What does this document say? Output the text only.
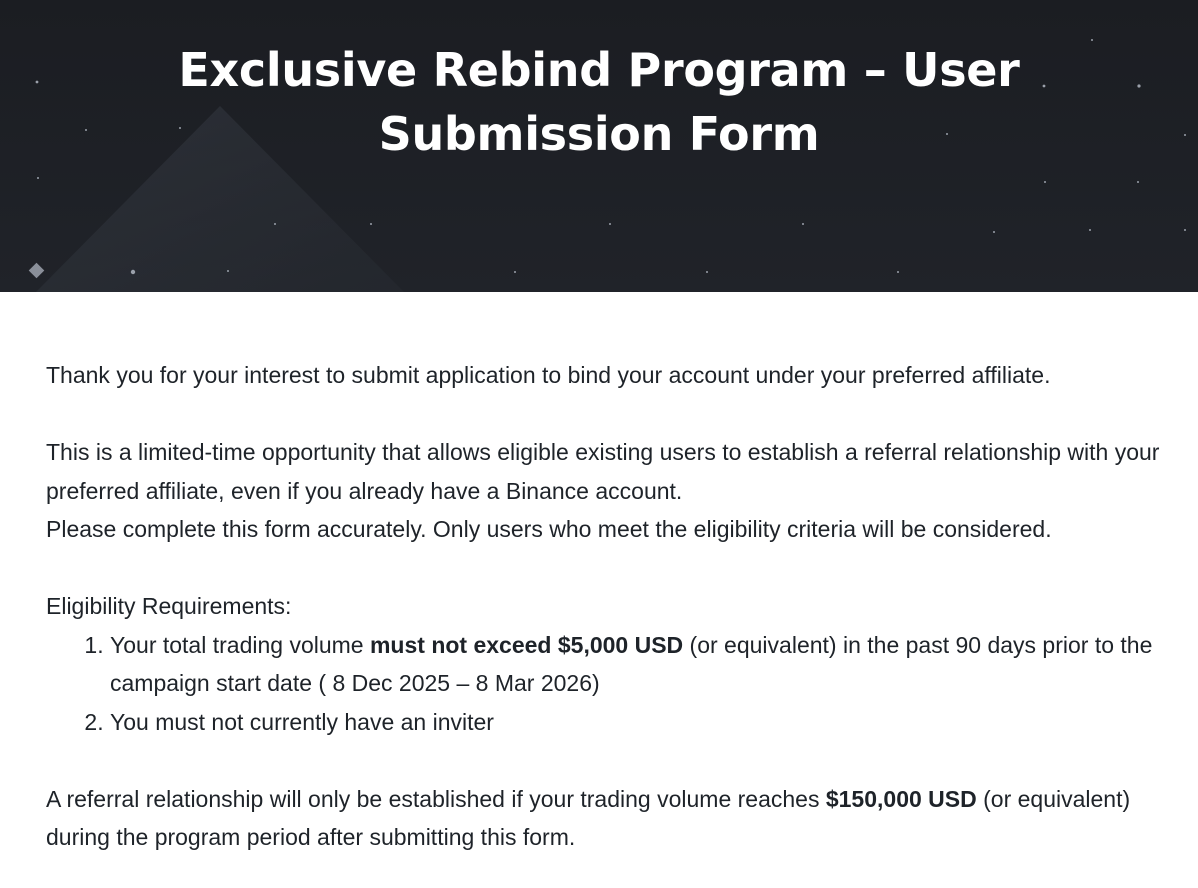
Exclusive Rebind Program – User Submission Form

Thank you for your interest to submit application to bind your account under your preferred affiliate.

This is a limited-time opportunity that allows eligible existing users to establish a referral relationship with your preferred affiliate, even if you already have a Binance account.

Please complete this form accurately. Only users who meet the eligibility criteria will be considered.

Eligibility Requirements:

1. Your total trading volume must not exceed $5,000 USD (or equivalent) in the past 90 days prior to the campaign start date ( 8 Dec 2025 – 8 Mar 2026)
2. You must not currently have an inviter

A referral relationship will only be established if your trading volume reaches $150,000 USD (or equivalent) during the program period after submitting this form.
